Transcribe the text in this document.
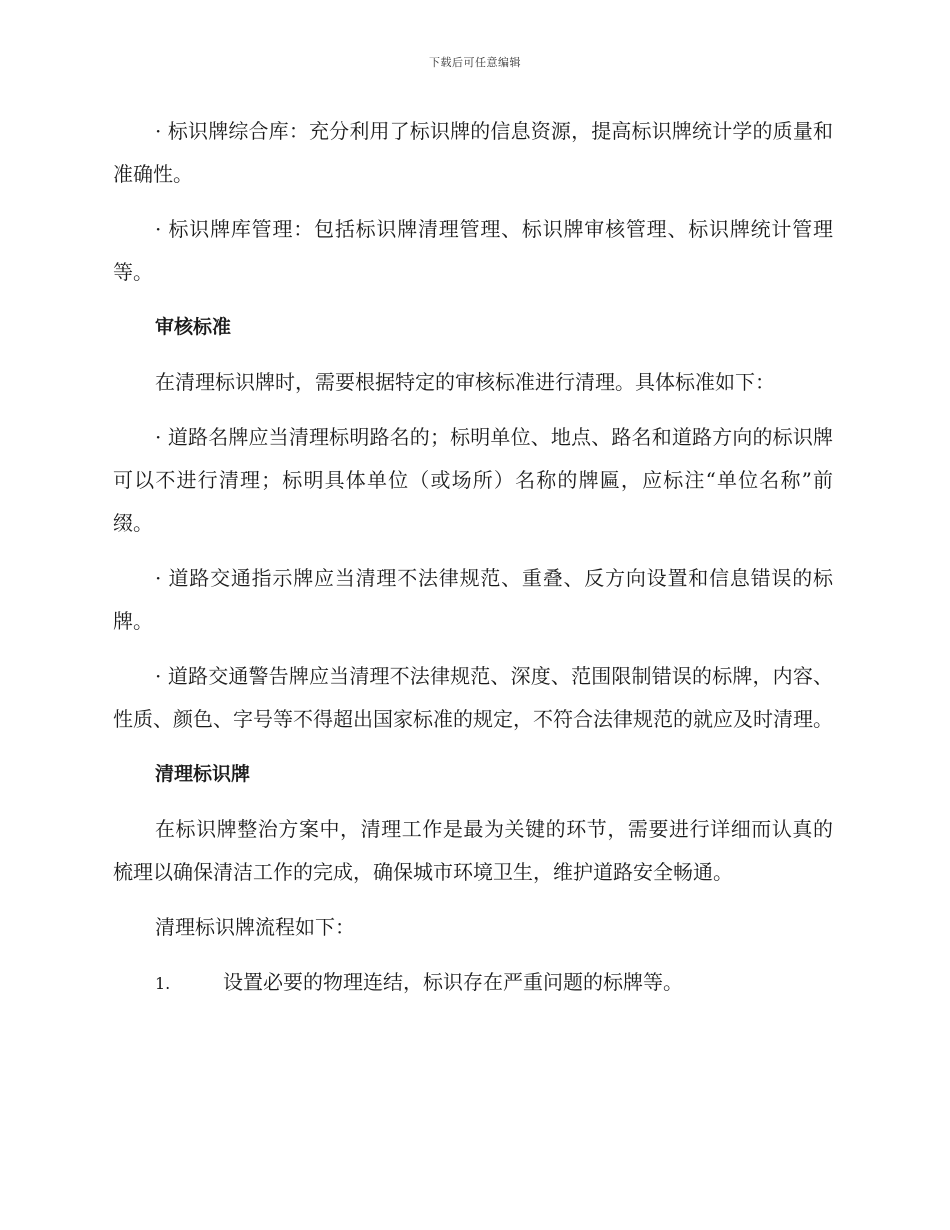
下载后可任意编辑

· 标识牌综合库：充分利用了标识牌的信息资源，提高标识牌统计学的质量和准确性。

· 标识牌库管理：包括标识牌清理管理、标识牌审核管理、标识牌统计管理等。

审核标准

在清理标识牌时，需要根据特定的审核标准进行清理。具体标准如下：

· 道路名牌应当清理标明路名的；标明单位、地点、路名和道路方向的标识牌可以不进行清理；标明具体单位（或场所）名称的牌匾，应标注“单位名称”前缀。

· 道路交通指示牌应当清理不法律规范、重叠、反方向设置和信息错误的标牌。

· 道路交通警告牌应当清理不法律规范、深度、范围限制错误的标牌，内容、性质、颜色、字号等不得超出国家标准的规定，不符合法律规范的就应及时清理。

清理标识牌

在标识牌整治方案中，清理工作是最为关键的环节，需要进行详细而认真的梳理以确保清洁工作的完成，确保城市环境卫生，维护道路安全畅通。

清理标识牌流程如下：

1.	设置必要的物理连结，标识存在严重问题的标牌等。
